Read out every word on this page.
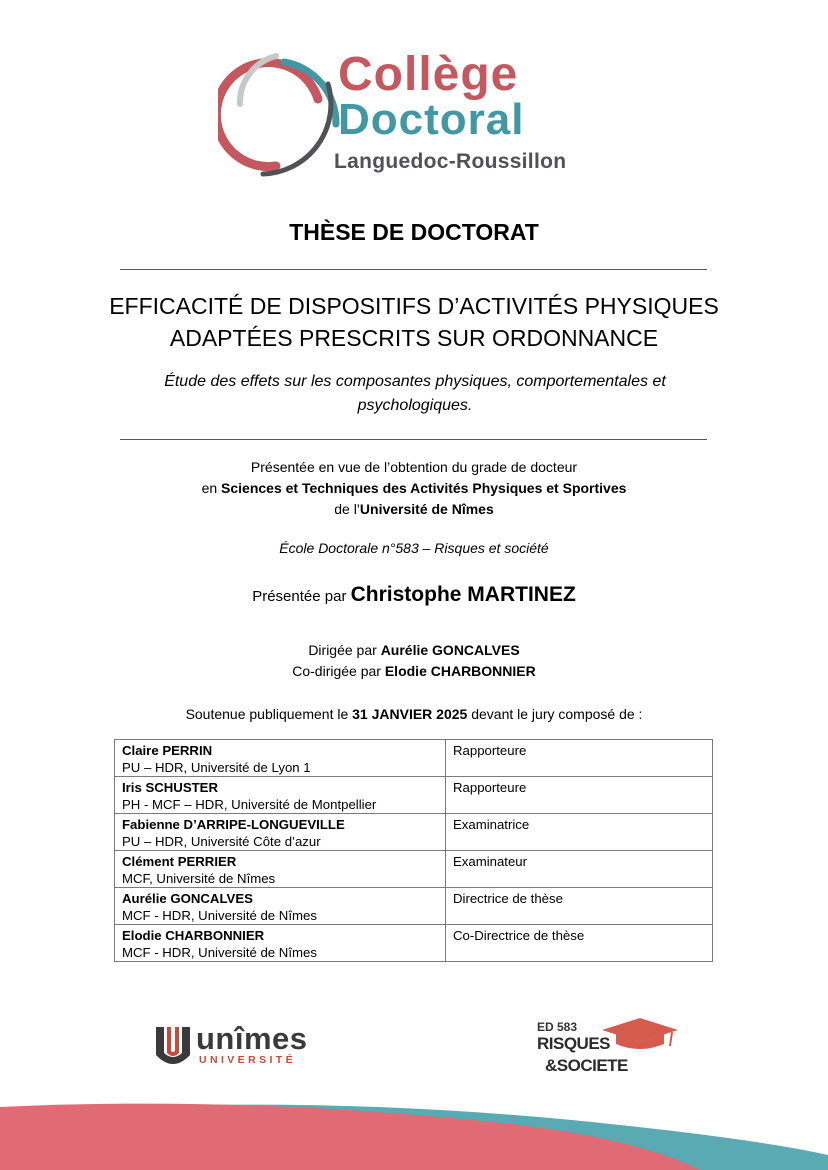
Collège
Doctoral
Languedoc-Roussillon
THÈSE DE DOCTORAT
EFFICACITÉ DE DISPOSITIFS D’ACTIVITÉS PHYSIQUES
ADAPTÉES PRESCRITS SUR ORDONNANCE
Étude des effets sur les composantes physiques, comportementales et psychologiques.
Présentée en vue de l’obtention du grade de docteur
en Sciences et Techniques des Activités Physiques et Sportives
de l’Université de Nîmes
École Doctorale n°583 – Risques et société
Présentée par Christophe MARTINEZ
Dirigée par Aurélie GONCALVES
Co-dirigée par Elodie CHARBONNIER
Soutenue publiquement le 31 JANVIER 2025 devant le jury composé de :
Claire PERRIN
PU – HDR, Université de Lyon 1	Rapporteure

Iris SCHUSTER
PH - MCF – HDR, Université de Montpellier	Rapporteure

Fabienne D’ARRIPE-LONGUEVILLE
PU – HDR, Université Côte d’azur	Examinatrice

Clément PERRIER
MCF, Université de Nîmes	Examinateur

Aurélie GONCALVES
MCF - HDR, Université de Nîmes	Directrice de thèse

Elodie CHARBONNIER
MCF - HDR, Université de Nîmes	Co-Directrice de thèse
unîmes
UNIVERSITÉ
ED 583
RISQUES
&SOCIETE
